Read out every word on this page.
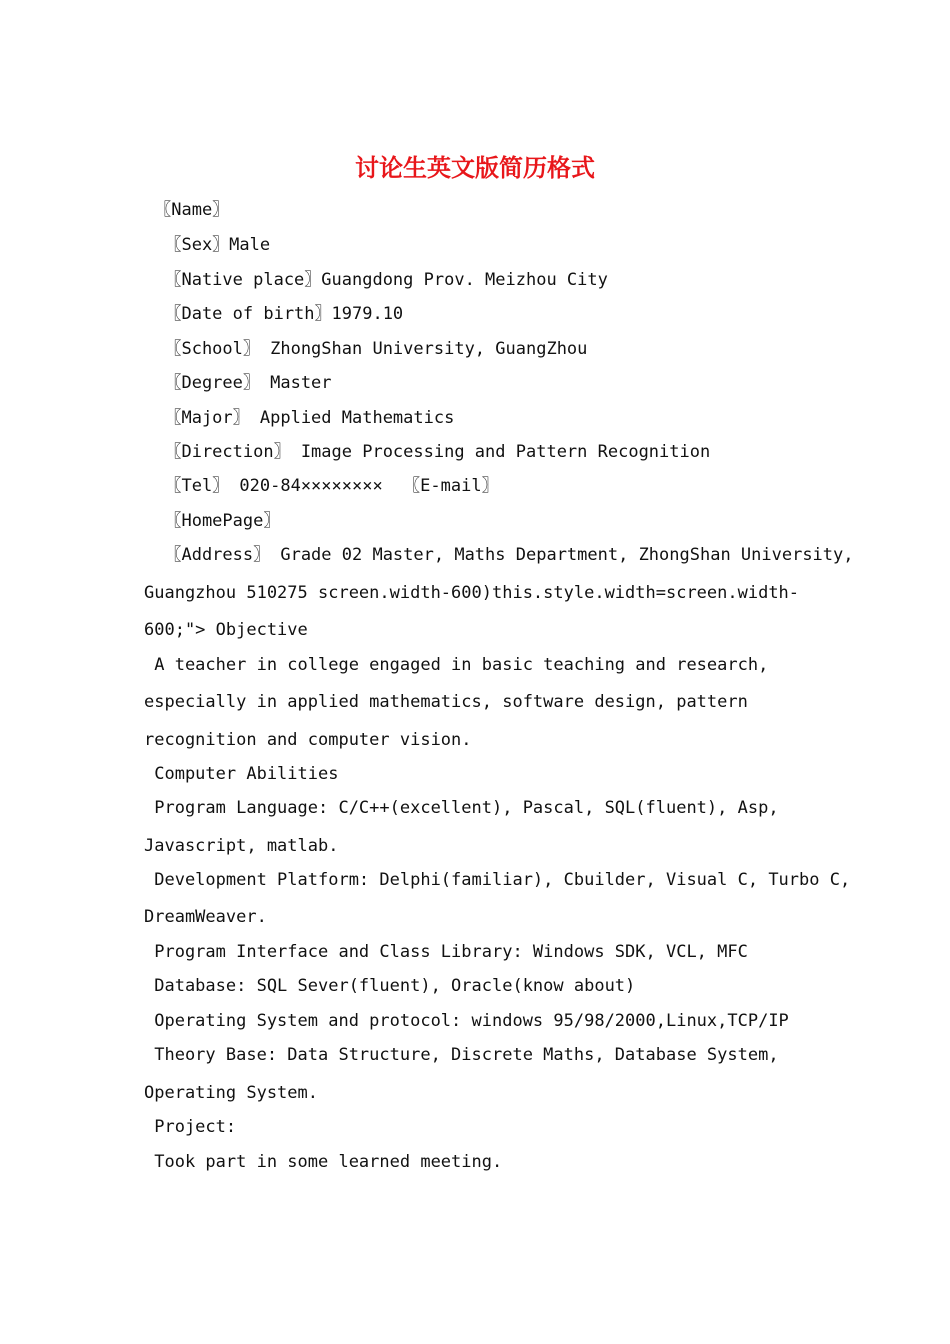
讨论生英文版简历格式

〖Name〗

〖Sex〗Male

〖Native place〗Guangdong Prov. Meizhou City

〖Date of birth〗1979.10

〖School〗 ZhongShan University, GuangZhou

〖Degree〗 Master

〖Major〗 Applied Mathematics

〖Direction〗 Image Processing and Pattern Recognition

〖Tel〗 020-84××××××××  〖E-mail〗

〖HomePage〗

〖Address〗 Grade 02 Master, Maths Department, ZhongShan University,

Guangzhou 510275 screen.width-600)this.style.width=screen.width-

600;"> Objective

A teacher in college engaged in basic teaching and research,

especially in applied mathematics, software design, pattern

recognition and computer vision.

Computer Abilities

Program Language: C/C++(excellent), Pascal, SQL(fluent), Asp,

Javascript, matlab.

Development Platform: Delphi(familiar), Cbuilder, Visual C, Turbo C,

DreamWeaver.

Program Interface and Class Library: Windows SDK, VCL, MFC

Database: SQL Sever(fluent), Oracle(know about)

Operating System and protocol: windows 95/98/2000,Linux,TCP/IP

Theory Base: Data Structure, Discrete Maths, Database System,

Operating System.

Project:

Took part in some learned meeting.
